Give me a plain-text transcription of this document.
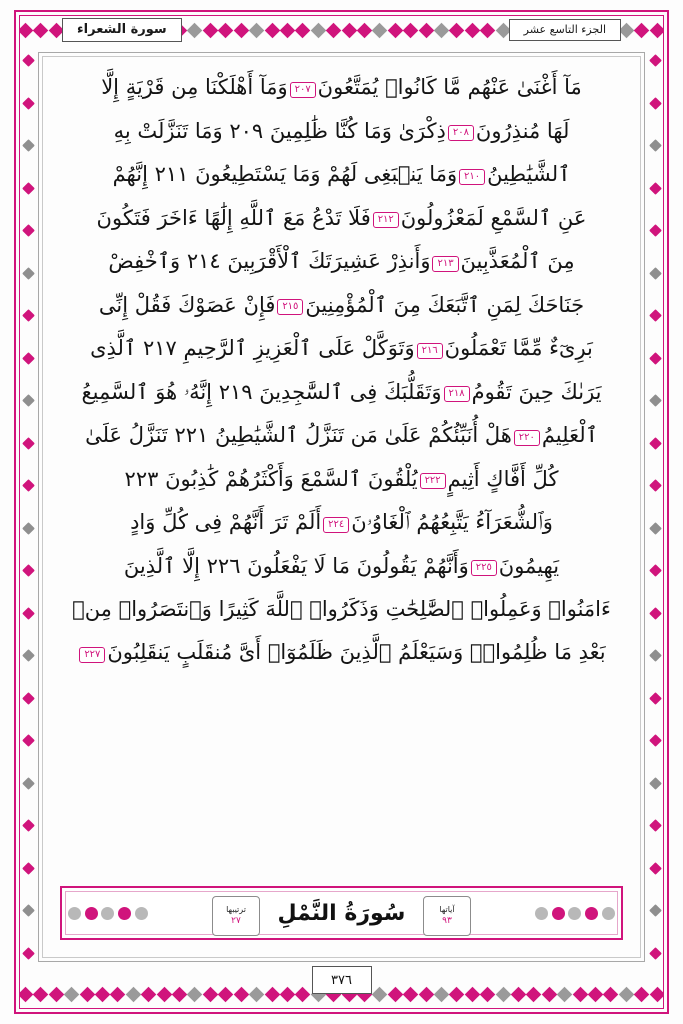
سورة الشعراء	الجزء التاسع عشر
مَآ أَغْنَىٰ عَنْهُم مَّا كَانُوا۟ يُمَتَّعُونَ٢٠٧وَمَآ أَهْلَكْنَا مِن قَرْيَةٍ إِلَّا
لَهَا مُنذِرُونَ٢٠٨ذِكْرَىٰ وَمَا كُنَّا ظَٰلِمِينَ ٢٠٩ وَمَا تَنَزَّلَتْ بِهِ
ٱلشَّيَٰطِينُ٢١٠وَمَا يَنۢبَغِى لَهُمْ وَمَا يَسْتَطِيعُونَ ٢١١ إِنَّهُمْ
عَنِ ٱلسَّمْعِ لَمَعْزُولُونَ٢١٢فَلَا تَدْعُ مَعَ ٱللَّهِ إِلَٰهًا ءَاخَرَ فَتَكُونَ
مِنَ ٱلْمُعَذَّبِينَ٢١٣وَأَنذِرْ عَشِيرَتَكَ ٱلْأَقْرَبِينَ ٢١٤ وَٱخْفِضْ
جَنَاحَكَ لِمَنِ ٱتَّبَعَكَ مِنَ ٱلْمُؤْمِنِينَ٢١٥فَإِنْ عَصَوْكَ فَقُلْ إِنِّى
بَرِىٓءٌ مِّمَّا تَعْمَلُونَ٢١٦وَتَوَكَّلْ عَلَى ٱلْعَزِيزِ ٱلرَّحِيمِ ٢١٧ ٱلَّذِى
يَرَىٰكَ حِينَ تَقُومُ٢١٨وَتَقَلُّبَكَ فِى ٱلسَّٰجِدِينَ ٢١٩ إِنَّهُۥ هُوَ ٱلسَّمِيعُ
ٱلْعَلِيمُ٢٢٠هَلْ أُنَبِّئُكُمْ عَلَىٰ مَن تَنَزَّلُ ٱلشَّيَٰطِينُ ٢٢١ تَنَزَّلُ عَلَىٰ
كُلِّ أَفَّاكٍ أَثِيمٍ٢٢٢يُلْقُونَ ٱلسَّمْعَ وَأَكْثَرُهُمْ كَٰذِبُونَ ٢٢٣
وَٱلشُّعَرَآءُ يَتَّبِعُهُمُ ٱلْغَاوُۥنَ٢٢٤أَلَمْ تَرَ أَنَّهُمْ فِى كُلِّ وَادٍ
يَهِيمُونَ٢٢٥وَأَنَّهُمْ يَقُولُونَ مَا لَا يَفْعَلُونَ ٢٢٦ إِلَّا ٱلَّذِينَ
ءَامَنُوا۟ وَعَمِلُوا۟ ٱلصَّٰلِحَٰتِ وَذَكَرُوا۟ ٱللَّهَ كَثِيرًا وَٱنتَصَرُوا۟ مِنۢ
بَعْدِ مَا ظُلِمُوا۟ۗ وَسَيَعْلَمُ ٱلَّذِينَ ظَلَمُوٓا۟ أَىَّ مُنقَلَبٍ يَنقَلِبُونَ٢٢٧
ترتيبها
٢٧ سُورَةُ النَّمْلِ	آياتها
٩٣
٣٧٦
